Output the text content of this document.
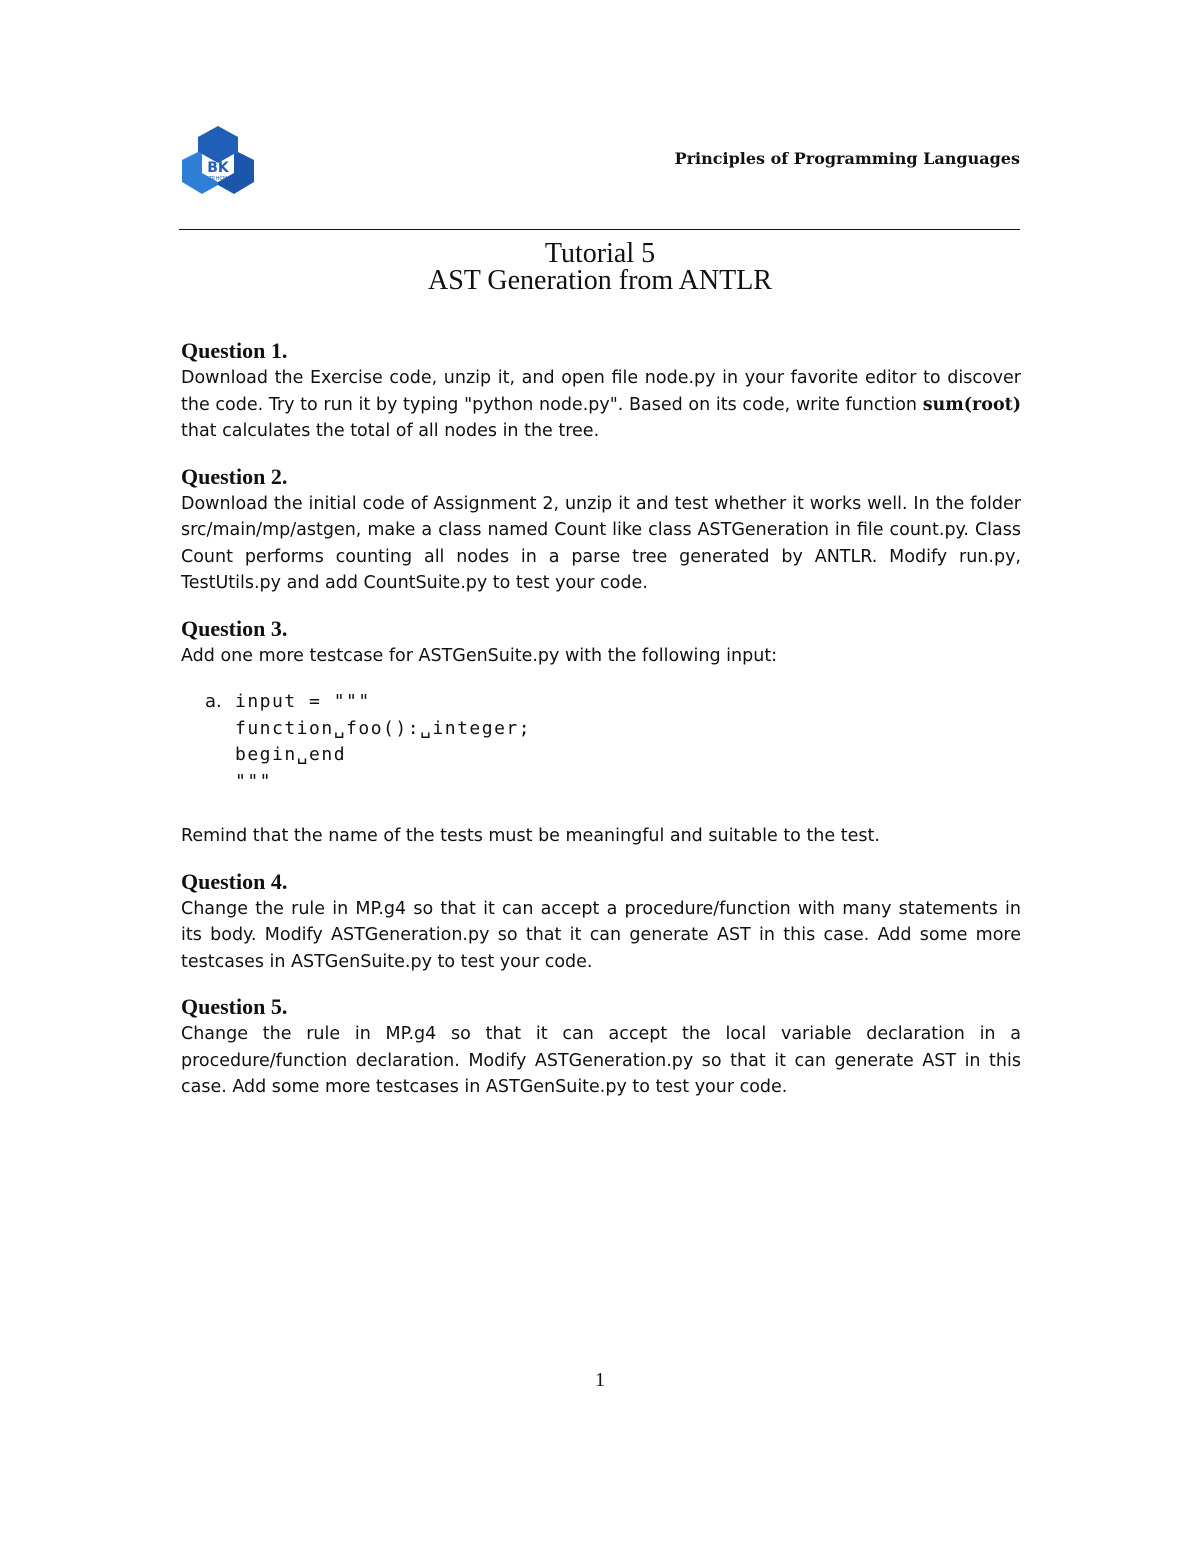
BK
TP.HCM
Principles of Programming Languages
Tutorial 5
AST Generation from ANTLR
Question 1.
Download the Exercise code, unzip it, and open file node.py in your favorite editor to discover the code. Try to run it by typing "python node.py". Based on its code, write function sum(root) that calculates the total of all nodes in the tree.
Question 2.
Download the initial code of Assignment 2, unzip it and test whether it works well. In the folder src/main/mp/astgen, make a class named Count like class ASTGeneration in file count.py. Class Count performs counting all nodes in a parse tree generated by ANTLR. Modify run.py, TestUtils.py and add CountSuite.py to test your code.
Question 3.
Add one more testcase for ASTGenSuite.py with the following input:
a. input = """
function␣foo():␣integer;
begin␣end
"""
Remind that the name of the tests must be meaningful and suitable to the test.
Question 4.
Change the rule in MP.g4 so that it can accept a procedure/function with many statements in its body. Modify ASTGeneration.py so that it can generate AST in this case. Add some more testcases in ASTGenSuite.py to test your code.
Question 5.
Change the rule in MP.g4 so that it can accept the local variable declaration in a procedure/function declaration. Modify ASTGeneration.py so that it can generate AST in this case. Add some more testcases in ASTGenSuite.py to test your code.
1
